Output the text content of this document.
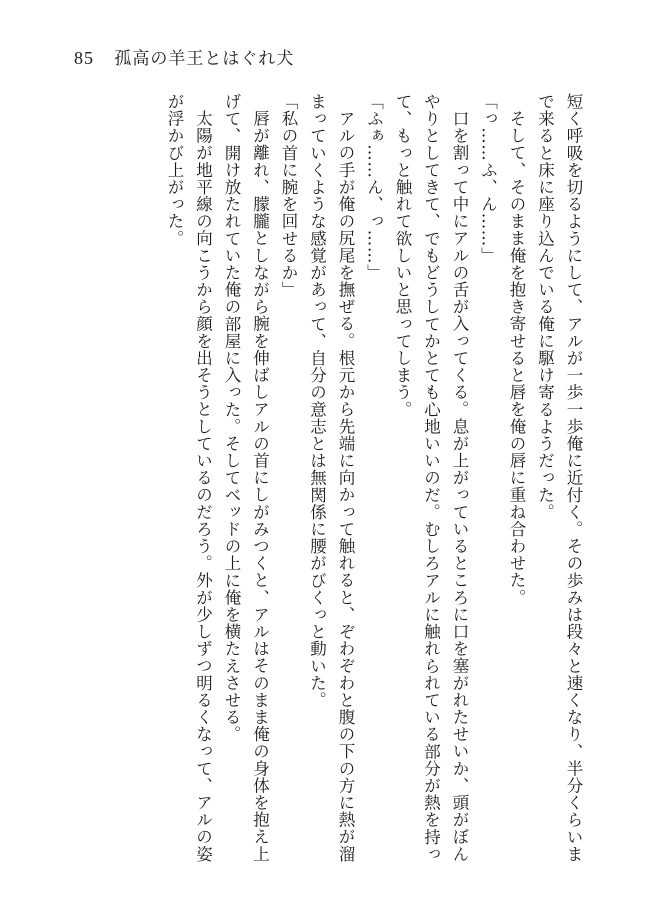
85 孤高の羊王とはぐれ犬

短く呼吸を切るようにして、アルが一歩一歩俺に近付く。その歩みは段々と速くなり、半分くらいまで来ると床に座り込んでいる俺に駆け寄るようだった。

そして、そのまま俺を抱き寄せると唇を俺の唇に重ね合わせた。

「っ……ふ、ん……」

口を割って中にアルの舌が入ってくる。息が上がっているところに口を塞がれたせいか、頭がぼんやりとしてきて、でもどうしてかとても心地いいのだ。むしろアルに触れられている部分が熱を持って、もっと触れて欲しいと思ってしまう。

「ふぁ……ん、っ……」

アルの手が俺の尻尾を撫ぜる。根元から先端に向かって触れると、ぞわぞわと腹の下の方に熱が溜まっていくような感覚があって、自分の意志とは無関係に腰がびくっと動いた。

「私の首に腕を回せるか」

唇が離れ、朦朧としながら腕を伸ばしアルの首にしがみつくと、アルはそのまま俺の身体を抱え上げて、開け放たれていた俺の部屋に入った。そしてベッドの上に俺を横たえさせる。

太陽が地平線の向こうから顔を出そうとしているのだろう。外が少しずつ明るくなって、アルの姿が浮かび上がった。
